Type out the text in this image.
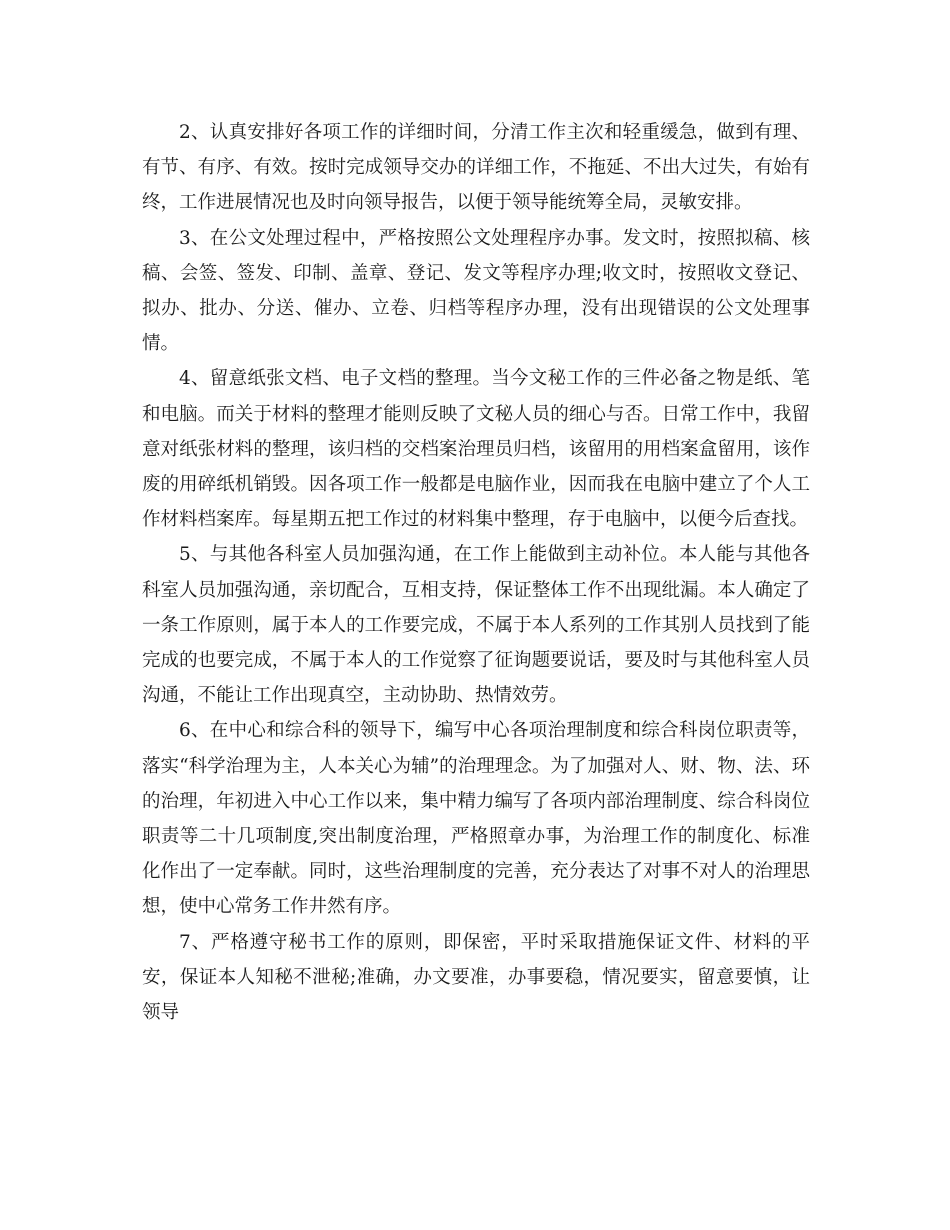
2、认真安排好各项工作的详细时间，分清工作主次和轻重缓急，做到有理、有节、有序、有效。按时完成领导交办的详细工作，不拖延、不出大过失，有始有终，工作进展情况也及时向领导报告，以便于领导能统筹全局，灵敏安排。

3、在公文处理过程中，严格按照公文处理程序办事。发文时，按照拟稿、核稿、会签、签发、印制、盖章、登记、发文等程序办理;收文时，按照收文登记、拟办、批办、分送、催办、立卷、归档等程序办理，没有出现错误的公文处理事情。

4、留意纸张文档、电子文档的整理。当今文秘工作的三件必备之物是纸、笔和电脑。而关于材料的整理才能则反映了文秘人员的细心与否。日常工作中，我留意对纸张材料的整理，该归档的交档案治理员归档，该留用的用档案盒留用，该作废的用碎纸机销毁。因各项工作一般都是电脑作业，因而我在电脑中建立了个人工作材料档案库。每星期五把工作过的材料集中整理，存于电脑中，以便今后查找。

5、与其他各科室人员加强沟通，在工作上能做到主动补位。本人能与其他各科室人员加强沟通，亲切配合，互相支持，保证整体工作不出现纰漏。本人确定了一条工作原则，属于本人的工作要完成，不属于本人系列的工作其别人员找到了能完成的也要完成，不属于本人的工作觉察了征询题要说话，要及时与其他科室人员沟通，不能让工作出现真空，主动协助、热情效劳。

6、在中心和综合科的领导下，编写中心各项治理制度和综合科岗位职责等，落实“科学治理为主，人本关心为辅”的治理理念。为了加强对人、财、物、法、环的治理，年初进入中心工作以来，集中精力编写了各项内部治理制度、综合科岗位职责等二十几项制度,突出制度治理，严格照章办事，为治理工作的制度化、标准化作出了一定奉献。同时，这些治理制度的完善，充分表达了对事不对人的治理思想，使中心常务工作井然有序。

7、严格遵守秘书工作的原则，即保密，平时采取措施保证文件、材料的平安，保证本人知秘不泄秘;准确，办文要准，办事要稳，情况要实，留意要慎，让领导
